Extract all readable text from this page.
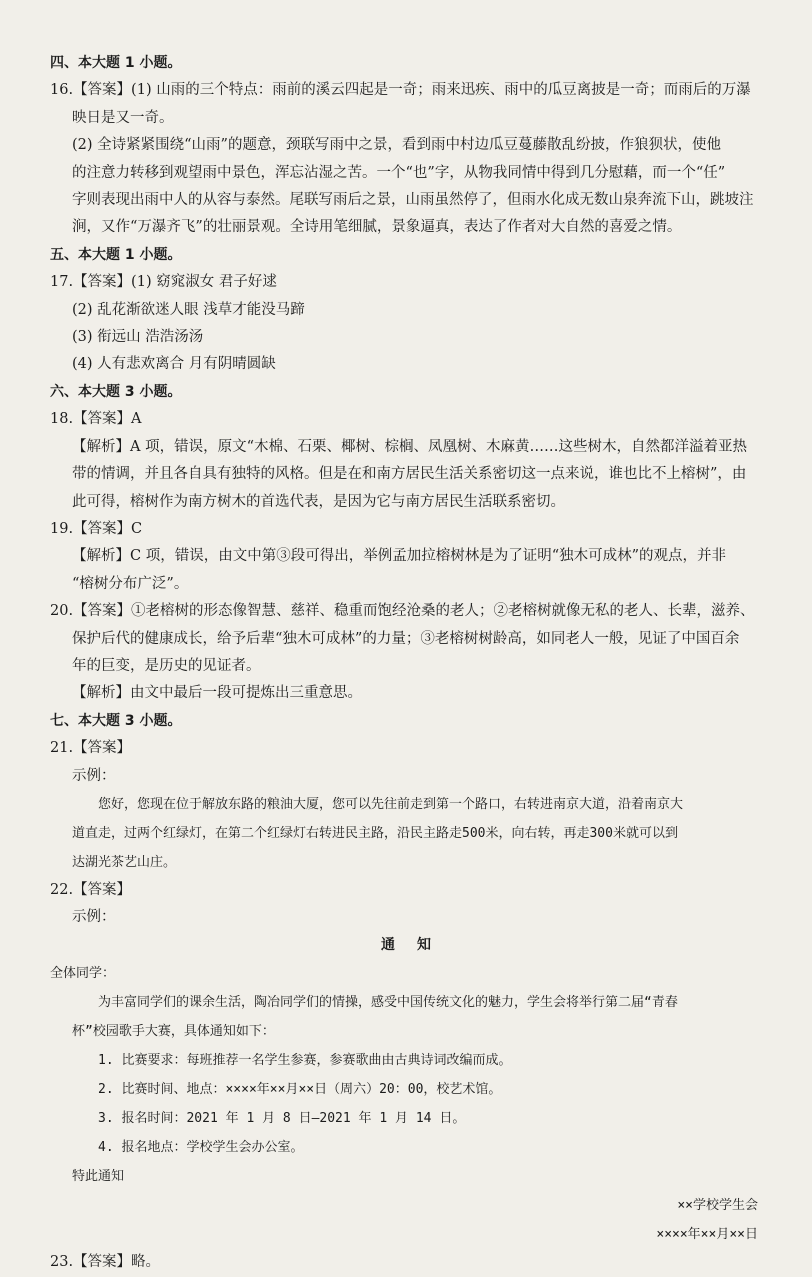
四、本大题 1 小题。

16.【答案】(1) 山雨的三个特点：雨前的溪云四起是一奇；雨来迅疾、雨中的瓜豆离披是一奇；而雨后的万瀑

映日是又一奇。

(2) 全诗紧紧围绕“山雨”的题意，颈联写雨中之景，看到雨中村边瓜豆蔓藤散乱纷披，作狼狈状，使他

的注意力转移到观望雨中景色，浑忘沾湿之苦。一个“也”字，从物我同情中得到几分慰藉，而一个“任”

字则表现出雨中人的从容与泰然。尾联写雨后之景，山雨虽然停了，但雨水化成无数山泉奔流下山，跳坡注

涧，又作“万瀑齐飞”的壮丽景观。全诗用笔细腻，景象逼真，表达了作者对大自然的喜爱之情。

五、本大题 1 小题。

17.【答案】(1) 窈窕淑女 君子好逑

(2) 乱花渐欲迷人眼 浅草才能没马蹄

(3) 衔远山 浩浩汤汤

(4) 人有悲欢离合 月有阴晴圆缺

六、本大题 3 小题。

18.【答案】A

【解析】A 项，错误，原文“木棉、石栗、椰树、棕榈、凤凰树、木麻黄……这些树木，自然都洋溢着亚热

带的情调，并且各自具有独特的风格。但是在和南方居民生活关系密切这一点来说，谁也比不上榕树”，由

此可得，榕树作为南方树木的首选代表，是因为它与南方居民生活联系密切。

19.【答案】C

【解析】C 项，错误，由文中第③段可得出，举例孟加拉榕树林是为了证明“独木可成林”的观点，并非

“榕树分布广泛”。

20.【答案】①老榕树的形态像智慧、慈祥、稳重而饱经沧桑的老人；②老榕树就像无私的老人、长辈，滋养、

保护后代的健康成长，给予后辈“独木可成林”的力量；③老榕树树龄高，如同老人一般，见证了中国百余

年的巨变，是历史的见证者。

【解析】由文中最后一段可提炼出三重意思。

七、本大题 3 小题。

21.【答案】

示例：

您好，您现在位于解放东路的粮油大厦，您可以先往前走到第一个路口，右转进南京大道，沿着南京大

道直走，过两个红绿灯，在第二个红绿灯右转进民主路，沿民主路走500米，向右转，再走300米就可以到

达湖光茶艺山庄。

22.【答案】

示例：

通知

全体同学：

为丰富同学们的课余生活，陶冶同学们的情操，感受中国传统文化的魅力，学生会将举行第二届“青春

杯”校园歌手大赛，具体通知如下：

1. 比赛要求：每班推荐一名学生参赛，参赛歌曲由古典诗词改编而成。

2. 比赛时间、地点：××××年××月××日（周六）20：00，校艺术馆。

3. 报名时间：2021 年 1 月 8 日—2021 年 1 月 14 日。

4. 报名地点：学校学生会办公室。

特此通知

××学校学生会

××××年××月××日

23.【答案】略。
